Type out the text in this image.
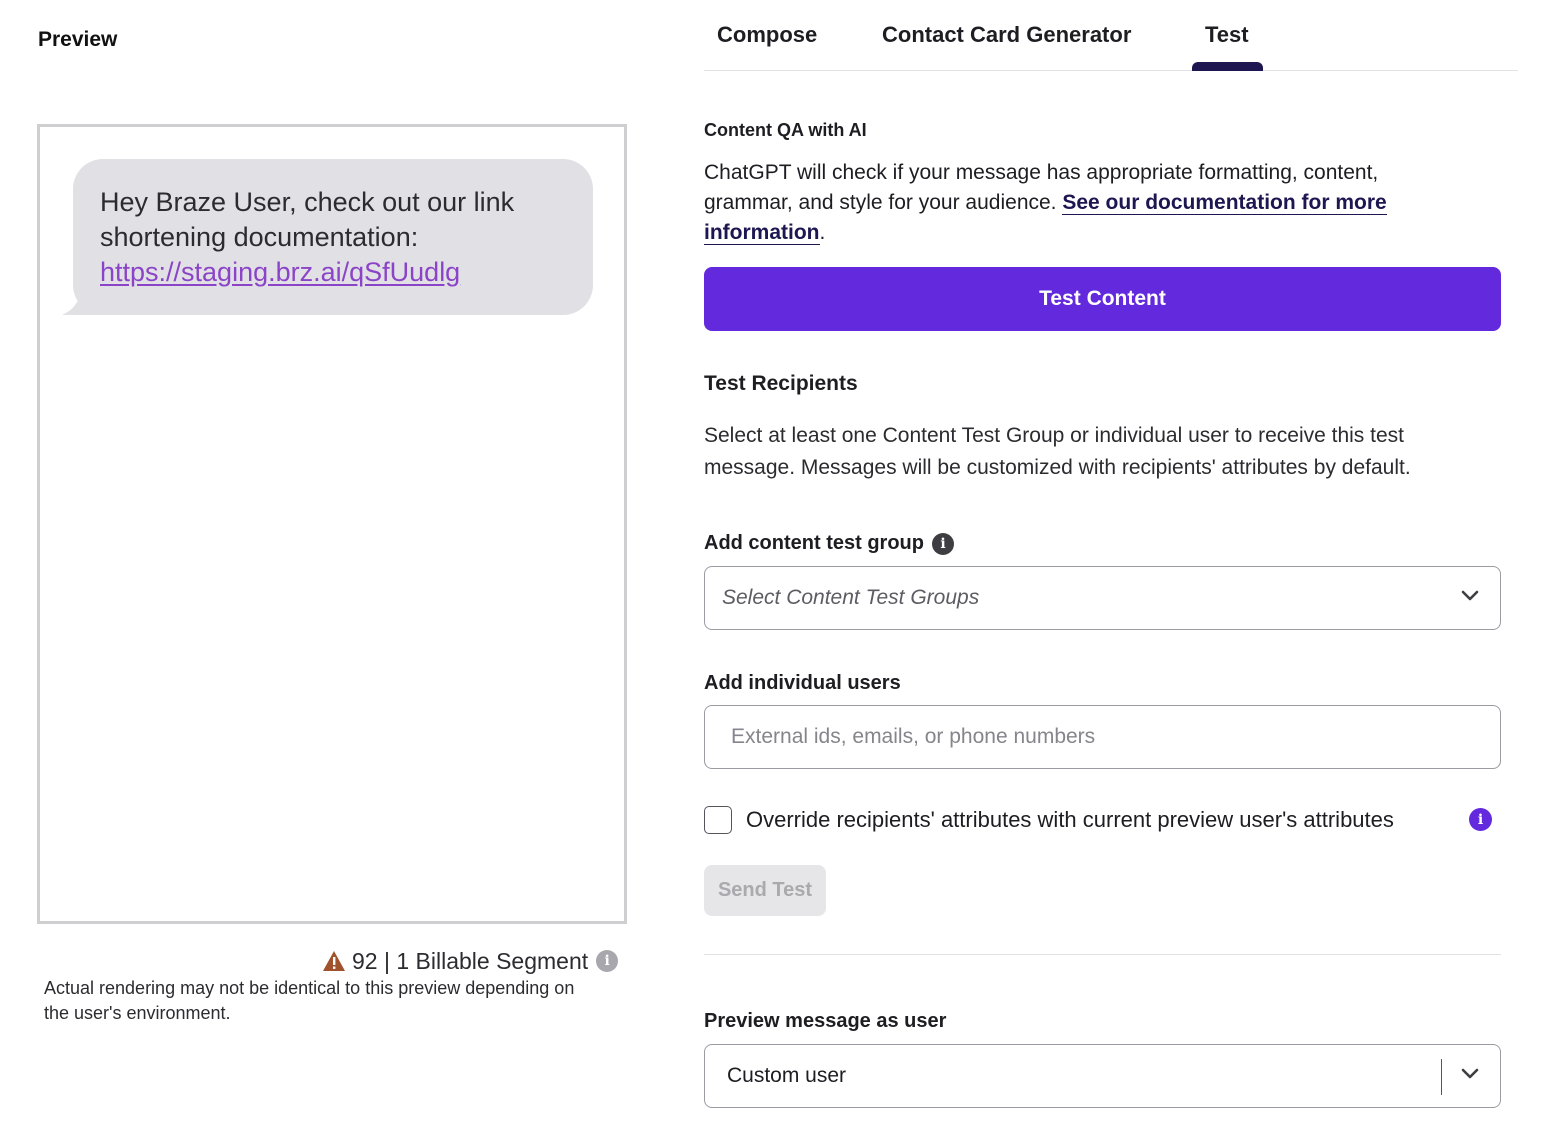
Preview
Hey Braze User, check out our link shortening documentation: https://staging.brz.ai/qSfUudlg
92 | 1 Billable Segment	i
Actual rendering may not be identical to this preview depending on the user's environment.
Compose	Contact Card Generator	Test
Content QA with AI
ChatGPT will check if your message has appropriate formatting, content, grammar, and style for your audience. See our documentation for more information.
Test Content
Test Recipients
Select at least one Content Test Group or individual user to receive this test message. Messages will be customized with recipients' attributes by default.
Add content test group	i
Select Content Test Groups
Add individual users
External ids, emails, or phone numbers
Override recipients' attributes with current preview user's attributes	i
Send Test
Preview message as user
Custom user
